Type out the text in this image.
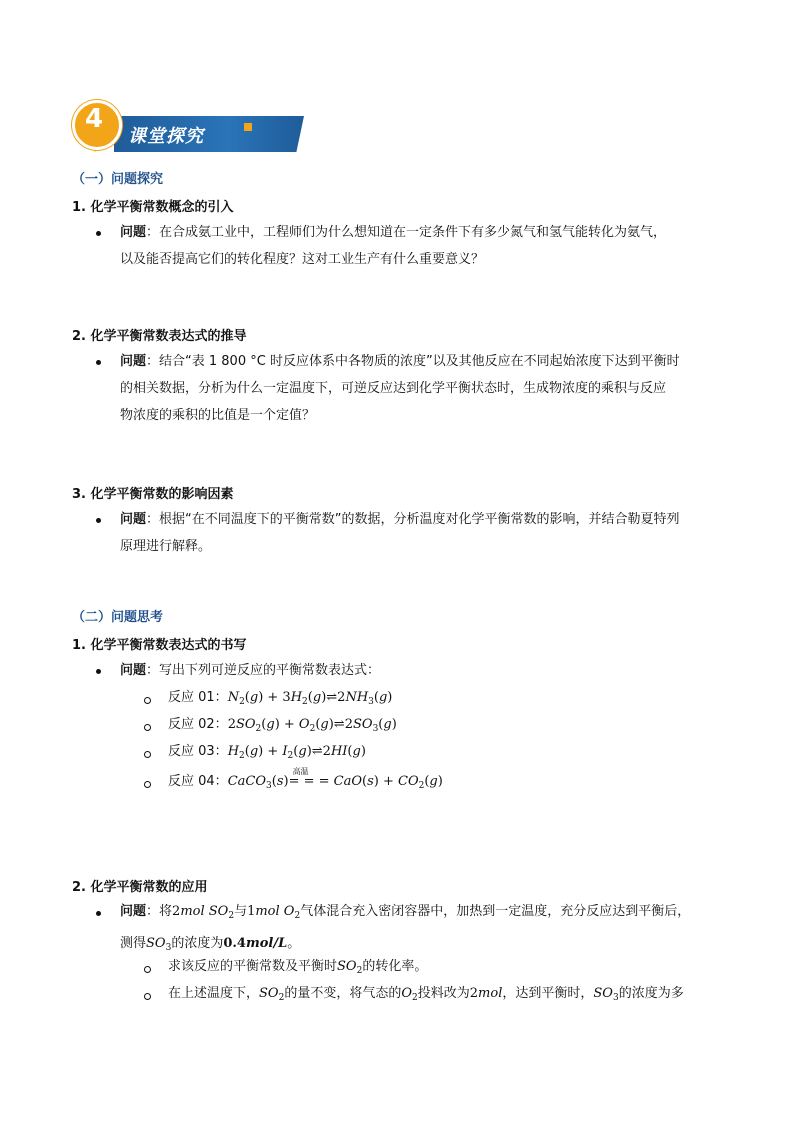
课堂探究
4
（一）问题探究
1. 化学平衡常数概念的引入
问题：在合成氨工业中，工程师们为什么想知道在一定条件下有多少氮气和氢气能转化为氨气，
以及能否提高它们的转化程度？这对工业生产有什么重要意义？
2. 化学平衡常数表达式的推导
问题：结合“表 1 800 °C 时反应体系中各物质的浓度”以及其他反应在不同起始浓度下达到平衡时
的相关数据，分析为什么一定温度下，可逆反应达到化学平衡状态时，生成物浓度的乘积与反应
物浓度的乘积的比值是一个定值？
3. 化学平衡常数的影响因素
问题：根据“在不同温度下的平衡常数”的数据，分析温度对化学平衡常数的影响，并结合勒夏特列
原理进行解释。
（二）问题思考
1. 化学平衡常数表达式的书写
问题：写出下列可逆反应的平衡常数表达式：
反应 01：$N_2(g)$ + $3H_2(g)\rightleftharpoons 2NH_3(g)$
反应 02：$2SO_2(g)$ + $O_2(g)\rightleftharpoons 2SO_3(g)$
反应 03：$H_2(g)$ + $I_2(g)\rightleftharpoons 2HI(g)$
反应 04：CaCO$_3$(s)
高温
= = = $CaO(s) + CO_2(g)$
2. 化学平衡常数的应用
问题：将2mol $SO_2$与1mol $O_2$气体混合充入密闭容器中，加热到一定温度，充分反应达到平衡后，
测得$SO_3$的浓度为0.4mol/L。
求该反应的平衡常数及平衡时$SO_2$的转化率。
在上述温度下，$SO_2$的量不变，将气态的$O_2$投料改为2mol，达到平衡时，$SO_3$的浓度为多
